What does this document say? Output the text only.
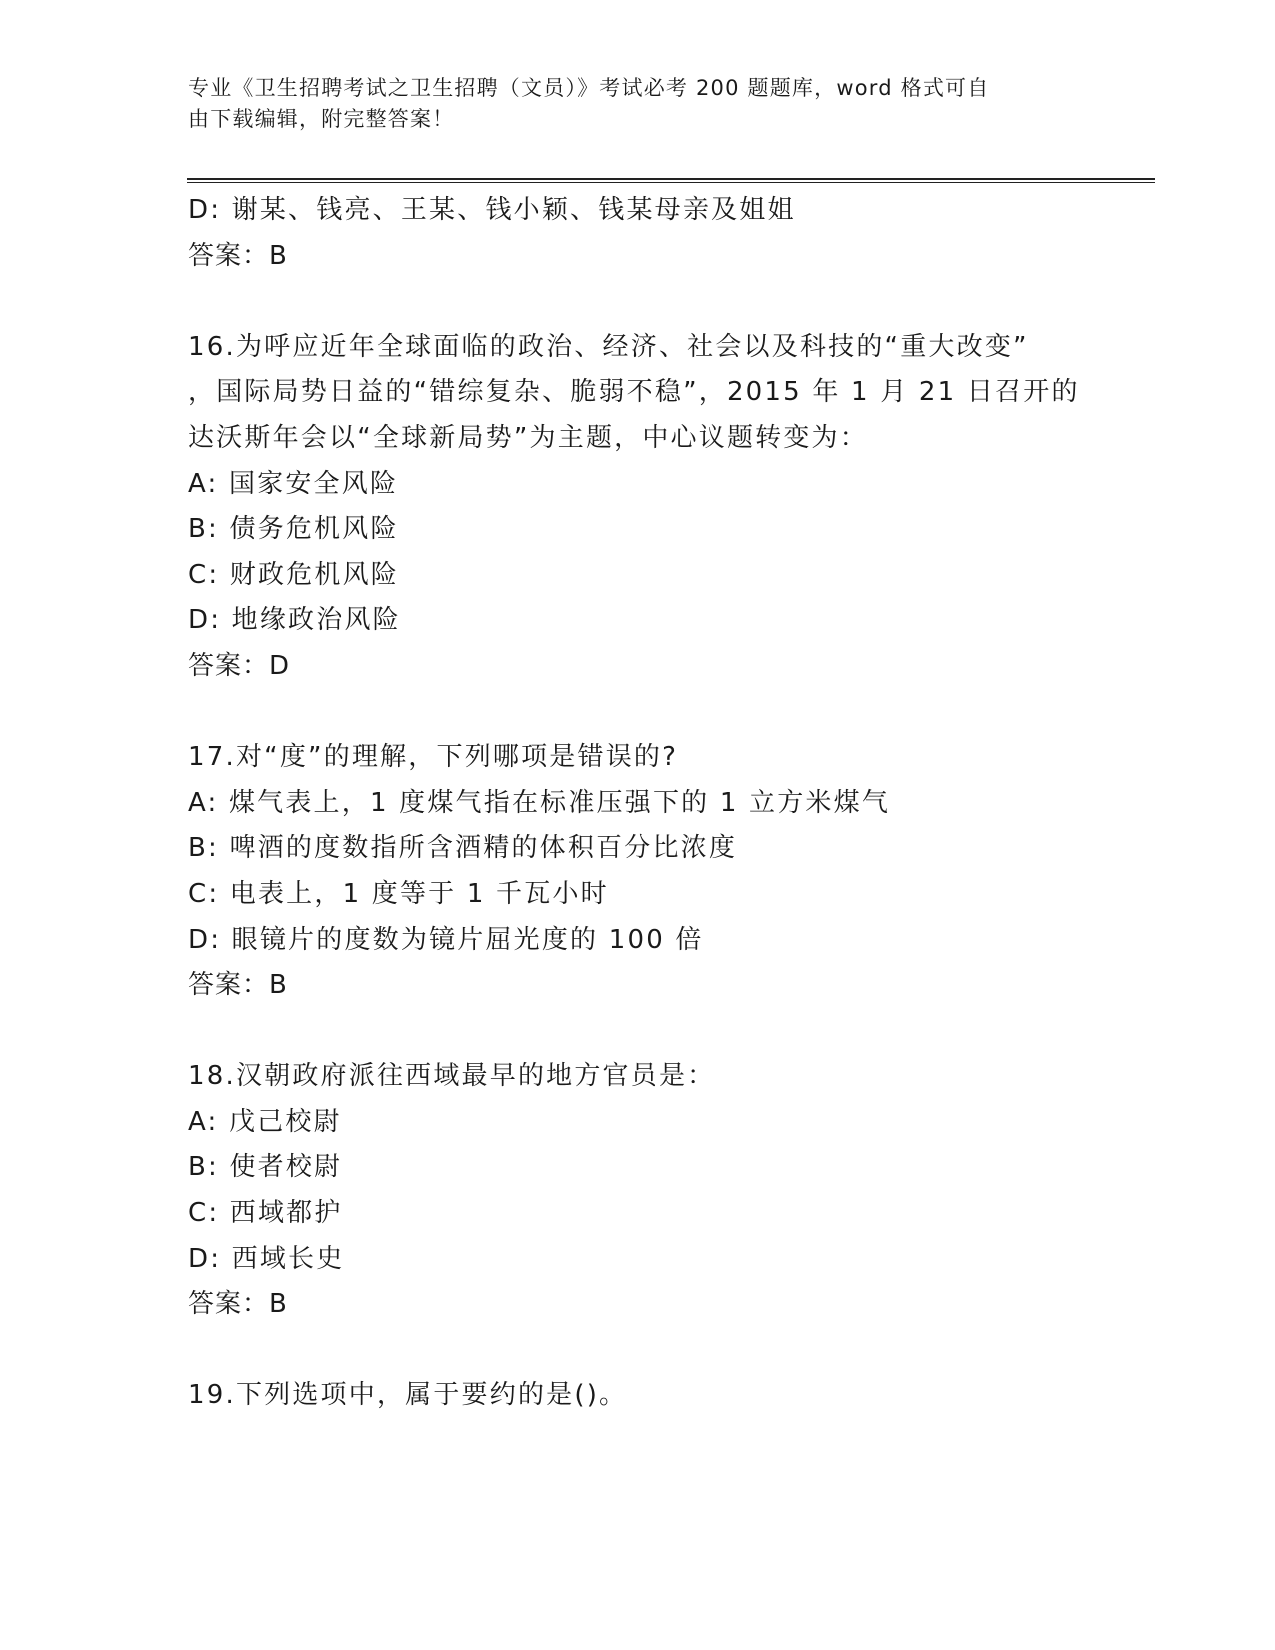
专业《卫生招聘考试之卫生招聘（文员）》考试必考 200 题题库，word 格式可自
由下载编辑，附完整答案！
D: 谢某、钱亮、王某、钱小颖、钱某母亲及姐姐
答案：B
16.为呼应近年全球面临的政治、经济、社会以及科技的“重大改变”
，国际局势日益的“错综复杂、脆弱不稳”，2015 年 1 月 21 日召开的
达沃斯年会以“全球新局势”为主题，中心议题转变为：
A: 国家安全风险
B: 债务危机风险
C: 财政危机风险
D: 地缘政治风险
答案：D
17.对“度”的理解，下列哪项是错误的?
A: 煤气表上，1 度煤气指在标准压强下的 1 立方米煤气
B: 啤酒的度数指所含酒精的体积百分比浓度
C: 电表上，1 度等于 1 千瓦小时
D: 眼镜片的度数为镜片屈光度的 100 倍
答案：B
18.汉朝政府派往西域最早的地方官员是：
A: 戊己校尉
B: 使者校尉
C: 西域都护
D: 西域长史
答案：B
19.下列选项中，属于要约的是()。
